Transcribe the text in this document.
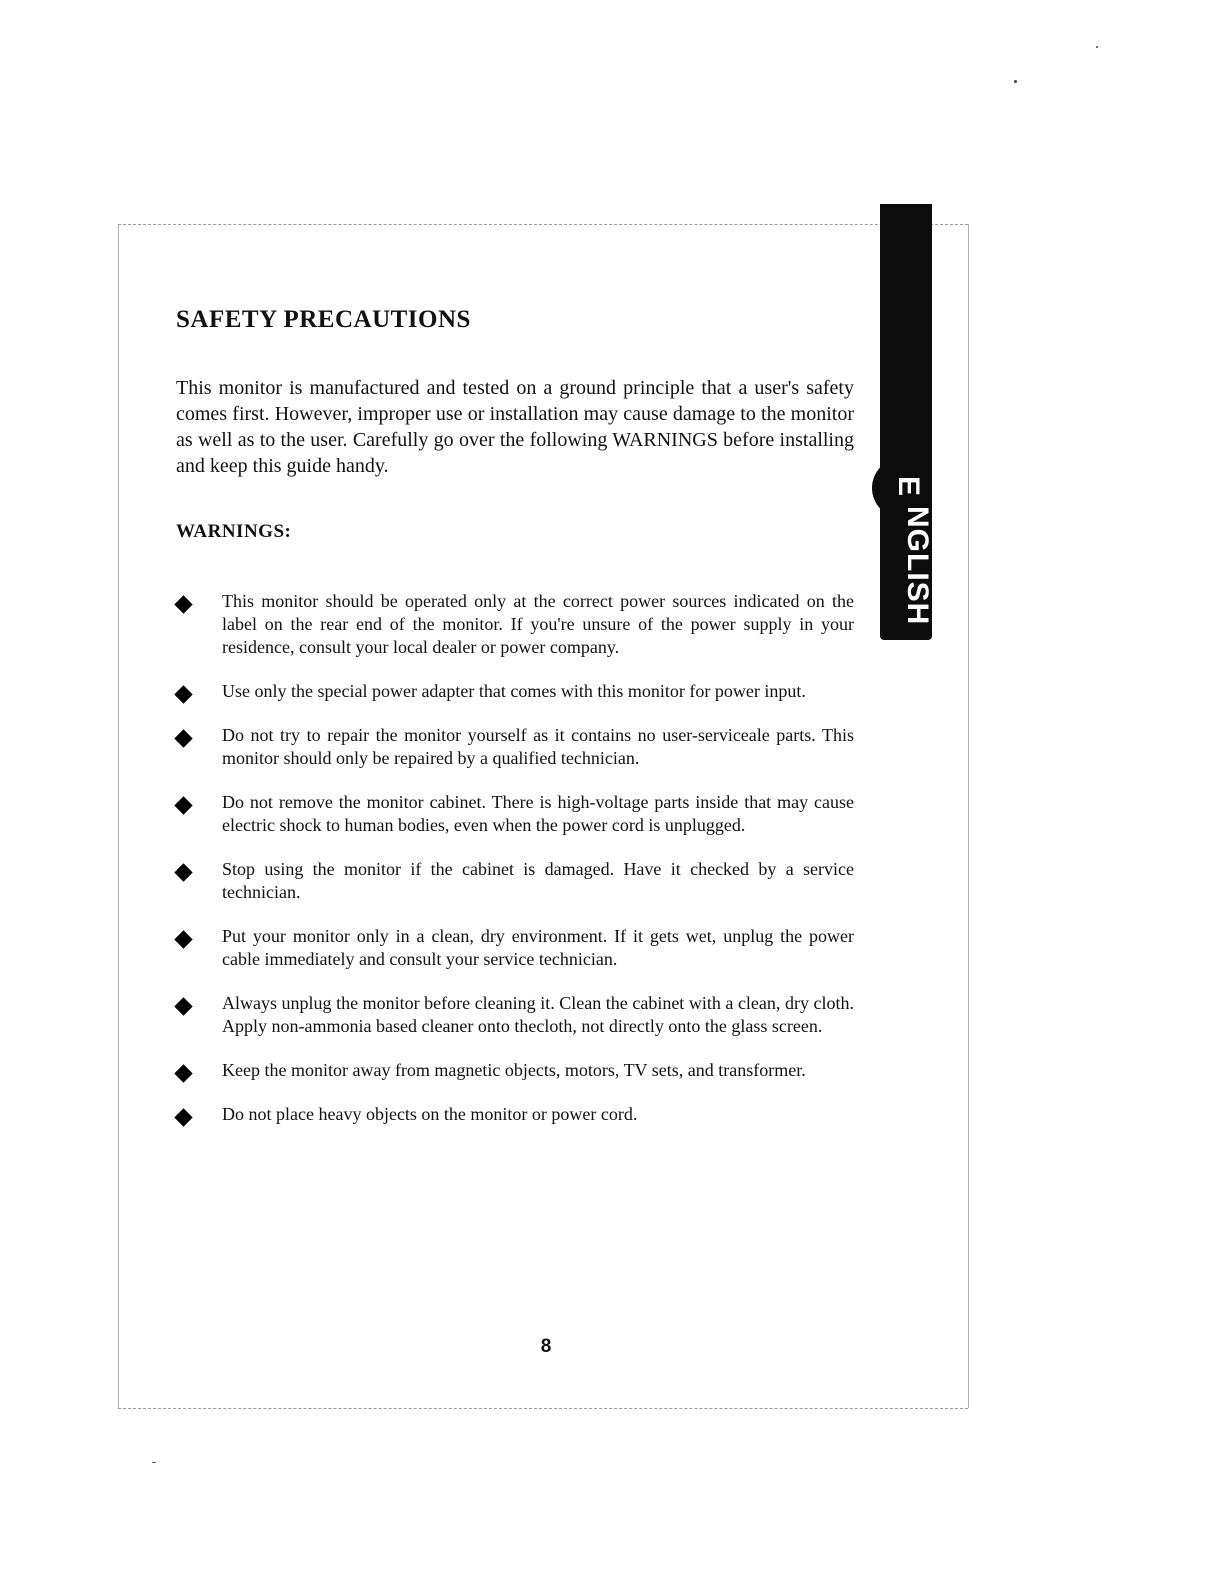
E
NGLISH
SAFETY PRECAUTIONS

This monitor is manufactured and tested on a ground principle that a user's safety comes first. However, improper use or installation may cause damage to the monitor as well as to the user. Carefully go over the following WARNINGS before installing and keep this guide handy.

WARNINGS:
This monitor should be operated only at the correct power sources indicated on the label on the rear end of the monitor. If you're unsure of the power supply in your residence, consult your local dealer or power company.
Use only the special power adapter that comes with this monitor for power input.
Do not try to repair the monitor yourself as it contains no user-serviceale parts. This monitor should only be repaired by a qualified technician.
Do not remove the monitor cabinet. There is high-voltage parts inside that may cause electric shock to human bodies, even when the power cord is unplugged.
Stop using the monitor if the cabinet is damaged. Have it checked by a service technician.
Put your monitor only in a clean, dry environment. If it gets wet, unplug the power cable immediately and consult your service technician.
Always unplug the monitor before cleaning it. Clean the cabinet with a clean, dry cloth. Apply non-ammonia based cleaner onto thecloth, not directly onto the glass screen.
Keep the monitor away from magnetic objects, motors, TV sets, and transformer.
Do not place heavy objects on the monitor or power cord.
8
